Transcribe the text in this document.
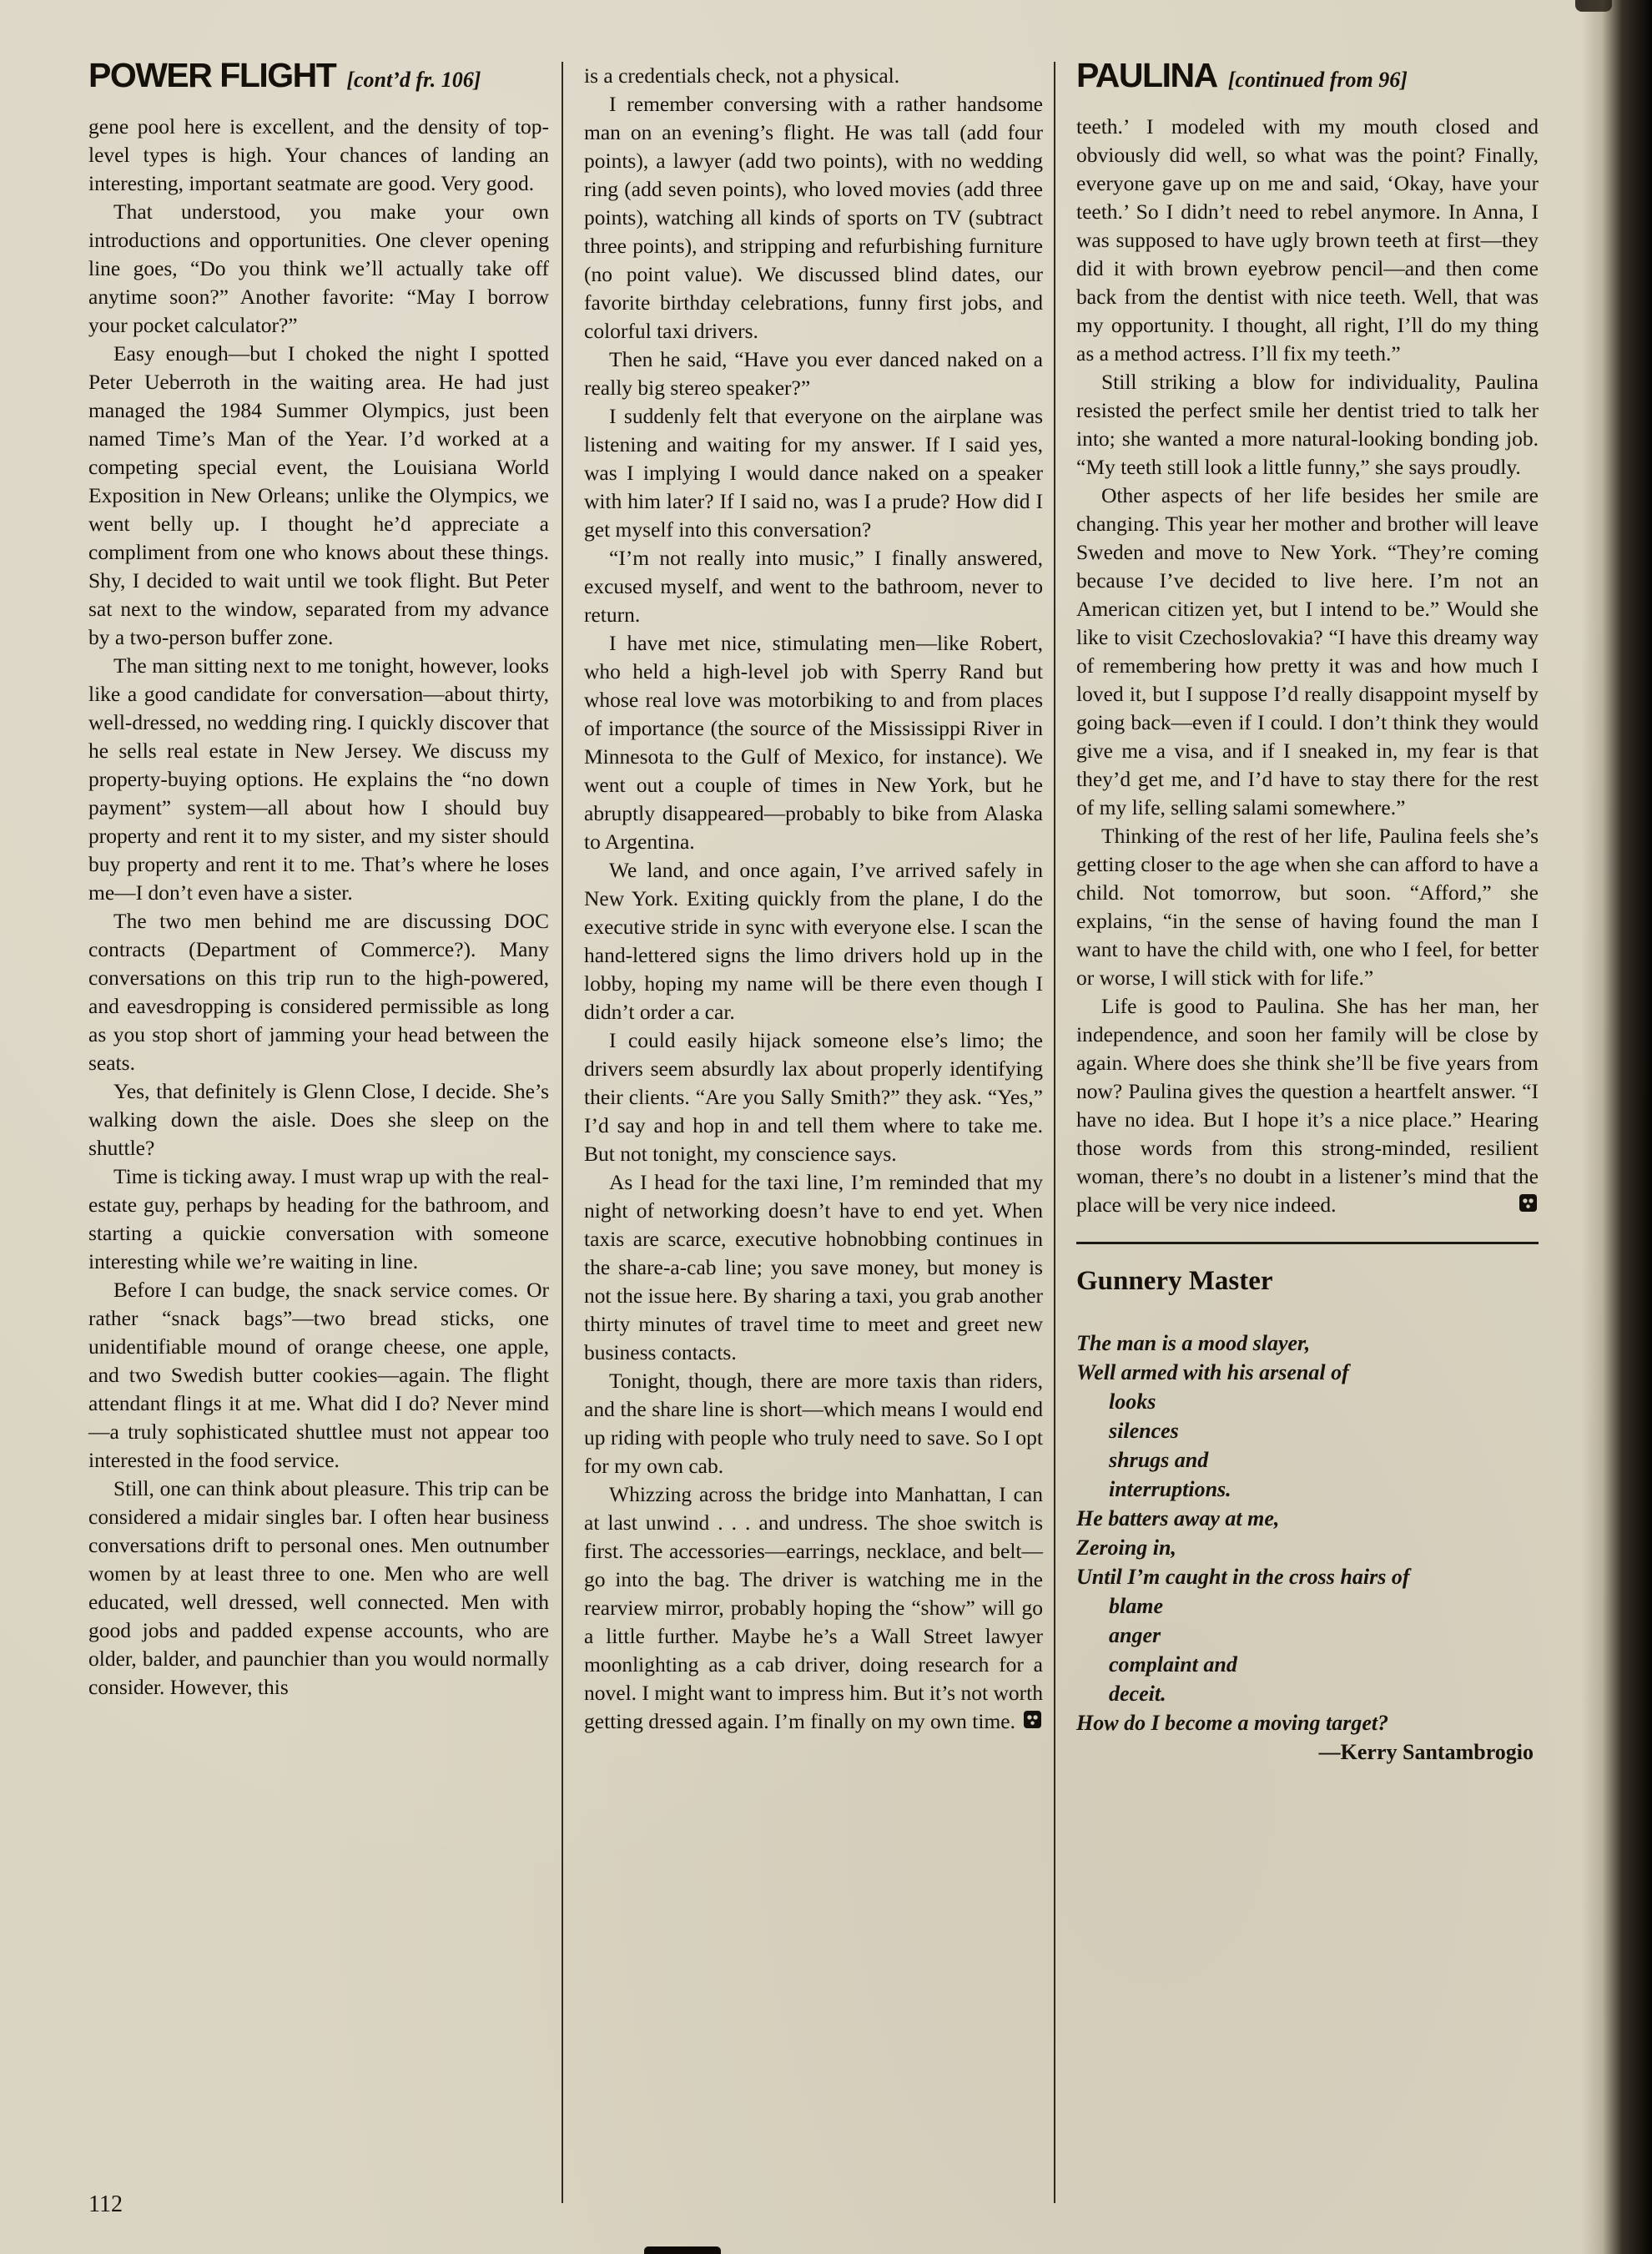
POWER FLIGHT [cont’d fr. 106]

gene pool here is excellent, and the density of top-level types is high. Your chances of landing an interesting, important seatmate are good. Very good.

That understood, you make your own introductions and opportunities. One clever opening line goes, “Do you think we’ll actually take off anytime soon?” Another favorite: “May I borrow your pocket calculator?”

Easy enough—but I choked the night I spotted Peter Ueberroth in the waiting area. He had just managed the 1984 Summer Olympics, just been named Time’s Man of the Year. I’d worked at a competing special event, the Louisiana World Exposition in New Orleans; unlike the Olympics, we went belly up. I thought he’d appreciate a compliment from one who knows about these things. Shy, I decided to wait until we took flight. But Peter sat next to the window, separated from my advance by a two-person buffer zone.

The man sitting next to me tonight, however, looks like a good candidate for conversation—about thirty, well-dressed, no wedding ring. I quickly discover that he sells real estate in New Jersey. We discuss my property-buying options. He explains the “no down payment” system—all about how I should buy property and rent it to my sister, and my sister should buy property and rent it to me. That’s where he loses me—I don’t even have a sister.

The two men behind me are discussing DOC contracts (Department of Commerce?). Many conversations on this trip run to the high-powered, and eavesdropping is considered permissible as long as you stop short of jamming your head between the seats.

Yes, that definitely is Glenn Close, I decide. She’s walking down the aisle. Does she sleep on the shuttle?

Time is ticking away. I must wrap up with the real-estate guy, perhaps by heading for the bathroom, and starting a quickie conversation with someone interesting while we’re waiting in line.

Before I can budge, the snack service comes. Or rather “snack bags”—two bread sticks, one unidentifiable mound of orange cheese, one apple, and two Swedish butter cookies—again. The flight attendant flings it at me. What did I do? Never mind—a truly sophisticated shuttlee must not appear too interested in the food service.

Still, one can think about pleasure. This trip can be considered a midair singles bar. I often hear business conversations drift to personal ones. Men outnumber women by at least three to one. Men who are well educated, well dressed, well connected. Men with good jobs and padded expense accounts, who are older, balder, and paunchier than you would normally consider. However, this

is a credentials check, not a physical.

I remember conversing with a rather handsome man on an evening’s flight. He was tall (add four points), a lawyer (add two points), with no wedding ring (add seven points), who loved movies (add three points), watching all kinds of sports on TV (subtract three points), and stripping and refurbishing furniture (no point value). We discussed blind dates, our favorite birthday celebrations, funny first jobs, and colorful taxi drivers.

Then he said, “Have you ever danced naked on a really big stereo speaker?”

I suddenly felt that everyone on the airplane was listening and waiting for my answer. If I said yes, was I implying I would dance naked on a speaker with him later? If I said no, was I a prude? How did I get myself into this conversation?

“I’m not really into music,” I finally answered, excused myself, and went to the bathroom, never to return.

I have met nice, stimulating men—like Robert, who held a high-level job with Sperry Rand but whose real love was motorbiking to and from places of importance (the source of the Mississippi River in Minnesota to the Gulf of Mexico, for instance). We went out a couple of times in New York, but he abruptly disappeared—probably to bike from Alaska to Argentina.

We land, and once again, I’ve arrived safely in New York. Exiting quickly from the plane, I do the executive stride in sync with everyone else. I scan the hand-lettered signs the limo drivers hold up in the lobby, hoping my name will be there even though I didn’t order a car.

I could easily hijack someone else’s limo; the drivers seem absurdly lax about properly identifying their clients. “Are you Sally Smith?” they ask. “Yes,” I’d say and hop in and tell them where to take me. But not tonight, my conscience says.

As I head for the taxi line, I’m reminded that my night of networking doesn’t have to end yet. When taxis are scarce, executive hobnobbing continues in the share-a-cab line; you save money, but money is not the issue here. By sharing a taxi, you grab another thirty minutes of travel time to meet and greet new business contacts.

Tonight, though, there are more taxis than riders, and the share line is short—which means I would end up riding with people who truly need to save. So I opt for my own cab.

Whizzing across the bridge into Manhattan, I can at last unwind . . . and undress. The shoe switch is first. The accessories—earrings, necklace, and belt—go into the bag. The driver is watching me in the rearview mirror, probably hoping the “show” will go a little further. Maybe he’s a Wall Street lawyer moonlighting as a cab driver, doing research for a novel. I might want to impress him. But it’s not worth getting dressed again. I’m finally on my own time.

PAULINA [continued from 96]

teeth.’ I modeled with my mouth closed and obviously did well, so what was the point? Finally, everyone gave up on me and said, ‘Okay, have your teeth.’ So I didn’t need to rebel anymore. In Anna, I was supposed to have ugly brown teeth at first—they did it with brown eyebrow pencil—and then come back from the dentist with nice teeth. Well, that was my opportunity. I thought, all right, I’ll do my thing as a method actress. I’ll fix my teeth.”

Still striking a blow for individuality, Paulina resisted the perfect smile her dentist tried to talk her into; she wanted a more natural-looking bonding job. “My teeth still look a little funny,” she says proudly.

Other aspects of her life besides her smile are changing. This year her mother and brother will leave Sweden and move to New York. “They’re coming because I’ve decided to live here. I’m not an American citizen yet, but I intend to be.” Would she like to visit Czechoslovakia? “I have this dreamy way of remembering how pretty it was and how much I loved it, but I suppose I’d really disappoint myself by going back—even if I could. I don’t think they would give me a visa, and if I sneaked in, my fear is that they’d get me, and I’d have to stay there for the rest of my life, selling salami somewhere.”

Thinking of the rest of her life, Paulina feels she’s getting closer to the age when she can afford to have a child. Not tomorrow, but soon. “Afford,” she explains, “in the sense of having found the man I want to have the child with, one who I feel, for better or worse, I will stick with for life.”

Life is good to Paulina. She has her man, her independence, and soon her family will be close by again. Where does she think she’ll be five years from now? Paulina gives the question a heartfelt answer. “I have no idea. But I hope it’s a nice place.” Hearing those words from this strong-minded, resilient woman, there’s no doubt in a listener’s mind that the place will be very nice indeed.

Gunnery Master
The man is a mood slayer,
Well armed with his arsenal of
looks
silences
shrugs and
interruptions.
He batters away at me,
Zeroing in,
Until I’m caught in the cross hairs of
blame
anger
complaint and
deceit.
How do I become a moving target?
—Kerry Santambrogio
112
